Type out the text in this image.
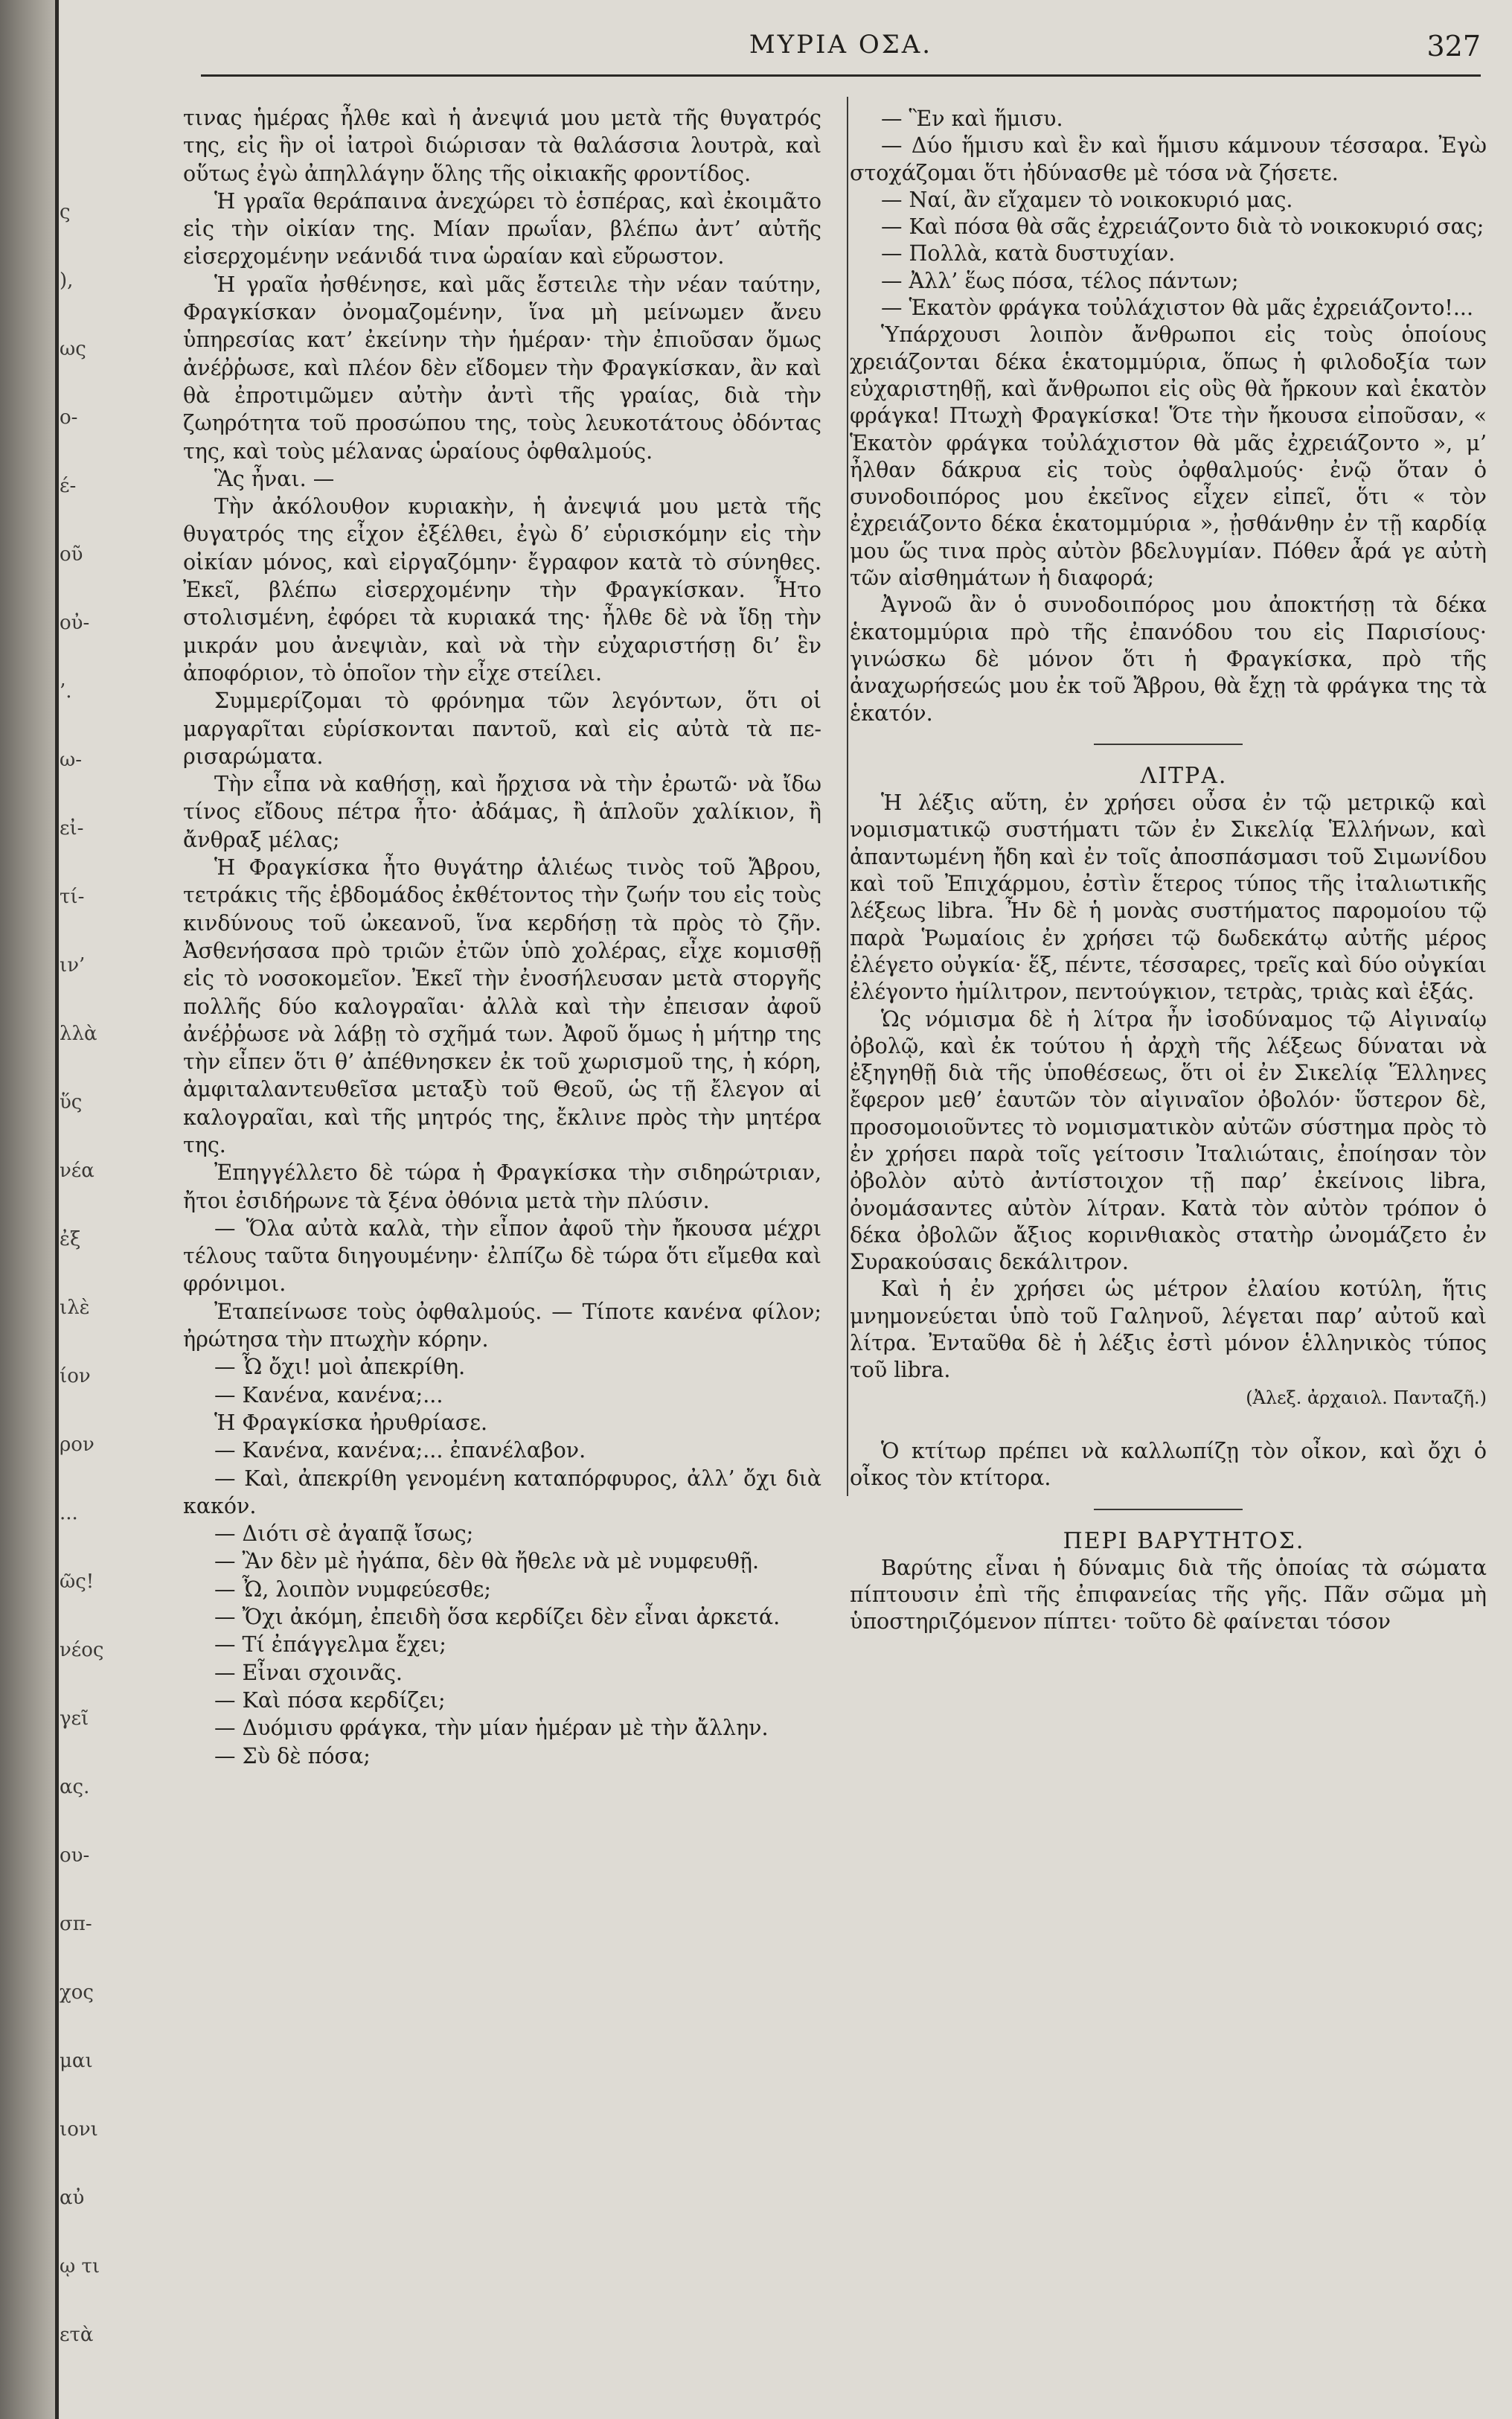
ς
),
ως
ο-
έ-
οῦ
οὐ-
’.
ω-
εἰ-
τί-
ιν’
λλὰ
ὕς
νέα
ἐξ
ιλὲ
ίον
ρον
...
ῶς!
νέος
γεῖ
ας.
ου-
σπ-
χος
μαι
ιονι
αὐ
ῳ τι
ετὰ
ΜΥΡΙΑ ΟΣΑ.	327

τινας ἡμέρας ἦλθε καὶ ἡ ἀνεψιά μου μετὰ τῆς θυγατρός της, εἰς ἣν οἱ ἰατροὶ διώρισαν τὰ θαλάσσια λουτρὰ, καὶ οὕτως ἐγὼ ἀπηλλάγην ὅλης τῆς οἰκιακῆς φροντίδος.

Ἡ γραῖα θεράπαινα ἀνεχώρει τὸ ἑσπέρας, καὶ ἐκοιμᾶτο εἰς τὴν οἰκίαν της. Μίαν πρωΐαν, βλέπω ἀντ’ αὐτῆς εἰσερχομένην νεάνιδά τινα ὡραίαν καὶ εὔρωστον.

Ἡ γραῖα ἠσθένησε, καὶ μᾶς ἔστειλε τὴν νέαν ταύτην, Φραγκίσκαν ὀνομαζομένην, ἵνα μὴ μείνωμεν ἄνευ ὑπηρεσίας κατ’ ἐκείνην τὴν ἡμέραν· τὴν ἐπιοῦσαν ὅμως ἀνέῤῥωσε, καὶ πλέον δὲν εἴδομεν τὴν Φραγκίσκαν, ἂν καὶ θὰ ἐπροτιμῶμεν αὐτὴν ἀντὶ τῆς γραίας, διὰ τὴν ζωηρότητα τοῦ προσώπου της, τοὺς λευκοτάτους ὀδόντας της, καὶ τοὺς μέλανας ὡραίους ὀφθαλμούς.

Ἃς ἦναι. —

Τὴν ἀκόλουθον κυριακὴν, ἡ ἀνεψιά μου μετὰ τῆς θυγατρός της εἶχον ἐξέλθει, ἐγὼ δ’ εὑρισκόμην εἰς τὴν οἰκίαν μόνος, καὶ εἰργαζόμην· ἔγραφον κατὰ τὸ σύνηθες. Ἐκεῖ, βλέπω εἰσερχομένην τὴν Φραγκίσκαν. Ἦτο στολισμένη, ἐφόρει τὰ κυριακά της· ἦλθε δὲ νὰ ἴδῃ τὴν μικράν μου ἀνεψιὰν, καὶ νὰ τὴν εὐχαριστήσῃ δι’ ἓν ἀποφόριον, τὸ ὁποῖον τὴν εἶχε στείλει.

Συμμερίζομαι τὸ φρόνημα τῶν λεγόντων, ὅτι οἱ μαργαρῖται εὑρίσκονται παντοῦ, καὶ εἰς αὐτὰ τὰ πε-ρισαρώματα.

Τὴν εἶπα νὰ καθήσῃ, καὶ ἤρχισα νὰ τὴν ἐρωτῶ· νὰ ἴδω τίνος εἴδους πέτρα ἦτο· ἀδάμας, ἢ ἁπλοῦν χαλίκιον, ἢ ἄνθραξ μέλας;

Ἡ Φραγκίσκα ἦτο θυγάτηρ ἁλιέως τινὸς τοῦ Ἄβρου, τετράκις τῆς ἑβδομάδος ἐκθέτοντος τὴν ζωήν του εἰς τοὺς κινδύνους τοῦ ὠκεανοῦ, ἵνα κερδήσῃ τὰ πρὸς τὸ ζῆν. Ἀσθενήσασα πρὸ τριῶν ἐτῶν ὑπὸ χολέρας, εἶχε κομισθῇ εἰς τὸ νοσοκομεῖον. Ἐκεῖ τὴν ἐνοσήλευσαν μετὰ στοργῆς πολλῆς δύο καλογραῖαι· ἀλλὰ καὶ τὴν ἐπεισαν ἀφοῦ ἀνέῤῥωσε νὰ λάβῃ τὸ σχῆμά των. Ἀφοῦ ὅμως ἡ μήτηρ της τὴν εἶπεν ὅτι θ’ ἀπέθνησκεν ἐκ τοῦ χωρισμοῦ της, ἡ κόρη, ἀμφιταλαντευθεῖσα μεταξὺ τοῦ Θεοῦ, ὡς τῇ ἔλεγον αἱ καλογραῖαι, καὶ τῆς μητρός της, ἔκλινε πρὸς τὴν μητέρα της.

Ἐπηγγέλλετο δὲ τώρα ἡ Φραγκίσκα τὴν σιδηρώτριαν, ἤτοι ἐσιδήρωνε τὰ ξένα ὀθόνια μετὰ τὴν πλύσιν.

— Ὅλα αὐτὰ καλὰ, τὴν εἶπον ἀφοῦ τὴν ἤκουσα μέχρι τέλους ταῦτα διηγουμένην· ἐλπίζω δὲ τώρα ὅτι εἴμεθα καὶ φρόνιμοι.

Ἐταπείνωσε τοὺς ὀφθαλμούς. — Τίποτε κανένα φίλον; ἠρώτησα τὴν πτωχὴν κόρην.

— Ὦ ὄχι! μοὶ ἀπεκρίθη.

— Κανένα, κανένα;...

Ἡ Φραγκίσκα ἠρυθρίασε.

— Κανένα, κανένα;... ἐπανέλαβον.

— Καὶ, ἀπεκρίθη γενομένη καταπόρφυρος, ἀλλ’ ὄχι διὰ κακόν.

— Διότι σὲ ἀγαπᾷ ἴσως;

— Ἂν δὲν μὲ ἠγάπα, δὲν θὰ ἤθελε νὰ μὲ νυμφευθῇ.

— Ὦ, λοιπὸν νυμφεύεσθε;

— Ὄχι ἀκόμη, ἐπειδὴ ὅσα κερδίζει δὲν εἶναι ἀρκετά.

— Τί ἐπάγγελμα ἔχει;

— Εἶναι σχοινᾶς.

— Καὶ πόσα κερδίζει;

— Δυόμισυ φράγκα, τὴν μίαν ἡμέραν μὲ τὴν ἄλλην.

— Σὺ δὲ πόσα;

— Ἓν καὶ ἥμισυ.

— Δύο ἥμισυ καὶ ἓν καὶ ἥμισυ κάμνουν τέσσαρα. Ἐγὼ στοχάζομαι ὅτι ἠδύνασθε μὲ τόσα νὰ ζήσετε.

— Ναί, ἂν εἴχαμεν τὸ νοικοκυριό μας.

— Καὶ πόσα θὰ σᾶς ἐχρειάζοντο διὰ τὸ νοικοκυριό σας;

— Πολλὰ, κατὰ δυστυχίαν.

— Ἀλλ’ ἕως πόσα, τέλος πάντων;

— Ἑκατὸν φράγκα τοὐλάχιστον θὰ μᾶς ἐχρειάζοντο!...

Ὑπάρχουσι λοιπὸν ἄνθρωποι εἰς τοὺς ὁποίους χρειάζονται δέκα ἑκατομμύρια, ὅπως ἡ φιλοδοξία των εὐχαριστηθῇ, καὶ ἄνθρωποι εἰς οὓς θὰ ἤρκουν καὶ ἑκατὸν φράγκα! Πτωχὴ Φραγκίσκα! Ὅτε τὴν ἤκουσα εἰποῦσαν, « Ἑκατὸν φράγκα τοὐλάχιστον θὰ μᾶς ἐχρειάζοντο », μ’ ἦλθαν δάκρυα εἰς τοὺς ὀφθαλμούς· ἐνῷ ὅταν ὁ συνοδοιπόρος μου ἐκεῖνος εἶχεν εἰπεῖ, ὅτι « τὸν ἐχρειάζοντο δέκα ἑκατομμύρια », ᾐσθάνθην ἐν τῇ καρδίᾳ μου ὥς τινα πρὸς αὐτὸν βδελυγμίαν. Πόθεν ἆρά γε αὐτὴ τῶν αἰσθημάτων ἡ διαφορά;

Ἀγνοῶ ἂν ὁ συνοδοιπόρος μου ἀποκτήσῃ τὰ δέκα ἑκατομμύρια πρὸ τῆς ἐπανόδου του εἰς Παρισίους· γινώσκω δὲ μόνον ὅτι ἡ Φραγκίσκα, πρὸ τῆς ἀναχωρήσεώς μου ἐκ τοῦ Ἄβρου, θὰ ἔχῃ τὰ φράγκα της τὰ ἑκατόν.

ΛΙΤΡΑ.

Ἡ λέξις αὕτη, ἐν χρήσει οὖσα ἐν τῷ μετρικῷ καὶ νομισματικῷ συστήματι τῶν ἐν Σικελίᾳ Ἑλλήνων, καὶ ἀπαντωμένη ἤδη καὶ ἐν τοῖς ἀποσπάσμασι τοῦ Σιμωνίδου καὶ τοῦ Ἐπιχάρμου, ἐστὶν ἕτερος τύπος τῆς ἰταλιωτικῆς λέξεως libra. Ἦν δὲ ἡ μονὰς συστήματος παρομοίου τῷ παρὰ Ῥωμαίοις ἐν χρήσει τῷ δωδεκάτῳ αὐτῆς μέρος ἐλέγετο οὐγκία· ἕξ, πέντε, τέσσαρες, τρεῖς καὶ δύο οὐγκίαι ἐλέγοντο ἡμίλιτρον, πεντούγκιον, τετρὰς, τριὰς καὶ ἑξάς.

Ὡς νόμισμα δὲ ἡ λίτρα ἦν ἰσοδύναμος τῷ Αἰγιναίῳ ὀβολῷ, καὶ ἐκ τούτου ἡ ἀρχὴ τῆς λέξεως δύναται νὰ ἐξηγηθῇ διὰ τῆς ὑποθέσεως, ὅτι οἱ ἐν Σικελίᾳ Ἕλληνες ἔφερον μεθ’ ἑαυτῶν τὸν αἰγιναῖον ὀβολόν· ὕστερον δὲ, προσομοιοῦντες τὸ νομισματικὸν αὐτῶν σύστημα πρὸς τὸ ἐν χρήσει παρὰ τοῖς γείτοσιν Ἰταλιώταις, ἐποίησαν τὸν ὀβολὸν αὐτὸ ἀντίστοιχον τῇ παρ’ ἐκείνοις libra, ὀνομάσαντες αὐτὸν λίτραν. Κατὰ τὸν αὐτὸν τρόπον ὁ δέκα ὀβολῶν ἄξιος κορινθιακὸς στατὴρ ὠνομάζετο ἐν Συρακούσαις δεκάλιτρον.

Καὶ ἡ ἐν χρήσει ὡς μέτρον ἐλαίου κοτύλη, ἥτις μνημονεύεται ὑπὸ τοῦ Γαληνοῦ, λέγεται παρ’ αὐτοῦ καὶ λίτρα. Ἐνταῦθα δὲ ἡ λέξις ἐστὶ μόνον ἑλληνικὸς τύπος τοῦ libra.

(Ἀλεξ. ἀρχαιολ. Πανταζῆ.)

Ὁ κτίτωρ πρέπει νὰ καλλωπίζῃ τὸν οἶκον, καὶ ὄχι ὁ οἶκος τὸν κτίτορα.

ΠΕΡΙ ΒΑΡΥΤΗΤΟΣ.

Βαρύτης εἶναι ἡ δύναμις διὰ τῆς ὁποίας τὰ σώματα πίπτουσιν ἐπὶ τῆς ἐπιφανείας τῆς γῆς. Πᾶν σῶμα μὴ ὑποστηριζόμενον πίπτει· τοῦτο δὲ φαίνεται τόσον
